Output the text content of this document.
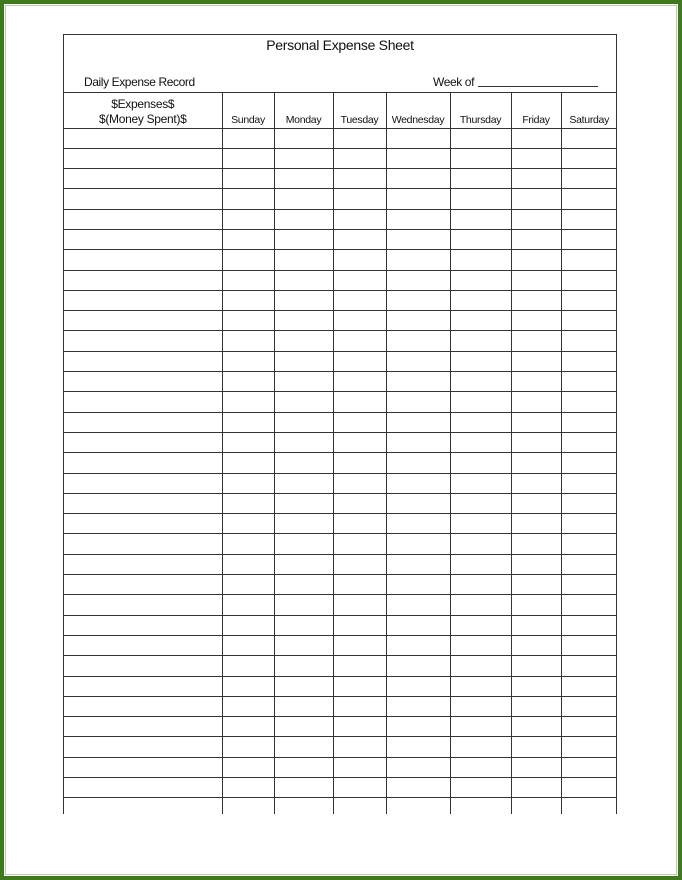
Personal Expense Sheet
Daily Expense Record	Week of
$Expenses$
$(Money Spent)$	Sunday	Monday	Tuesday	Wednesday	Thursday	Friday	Saturday
